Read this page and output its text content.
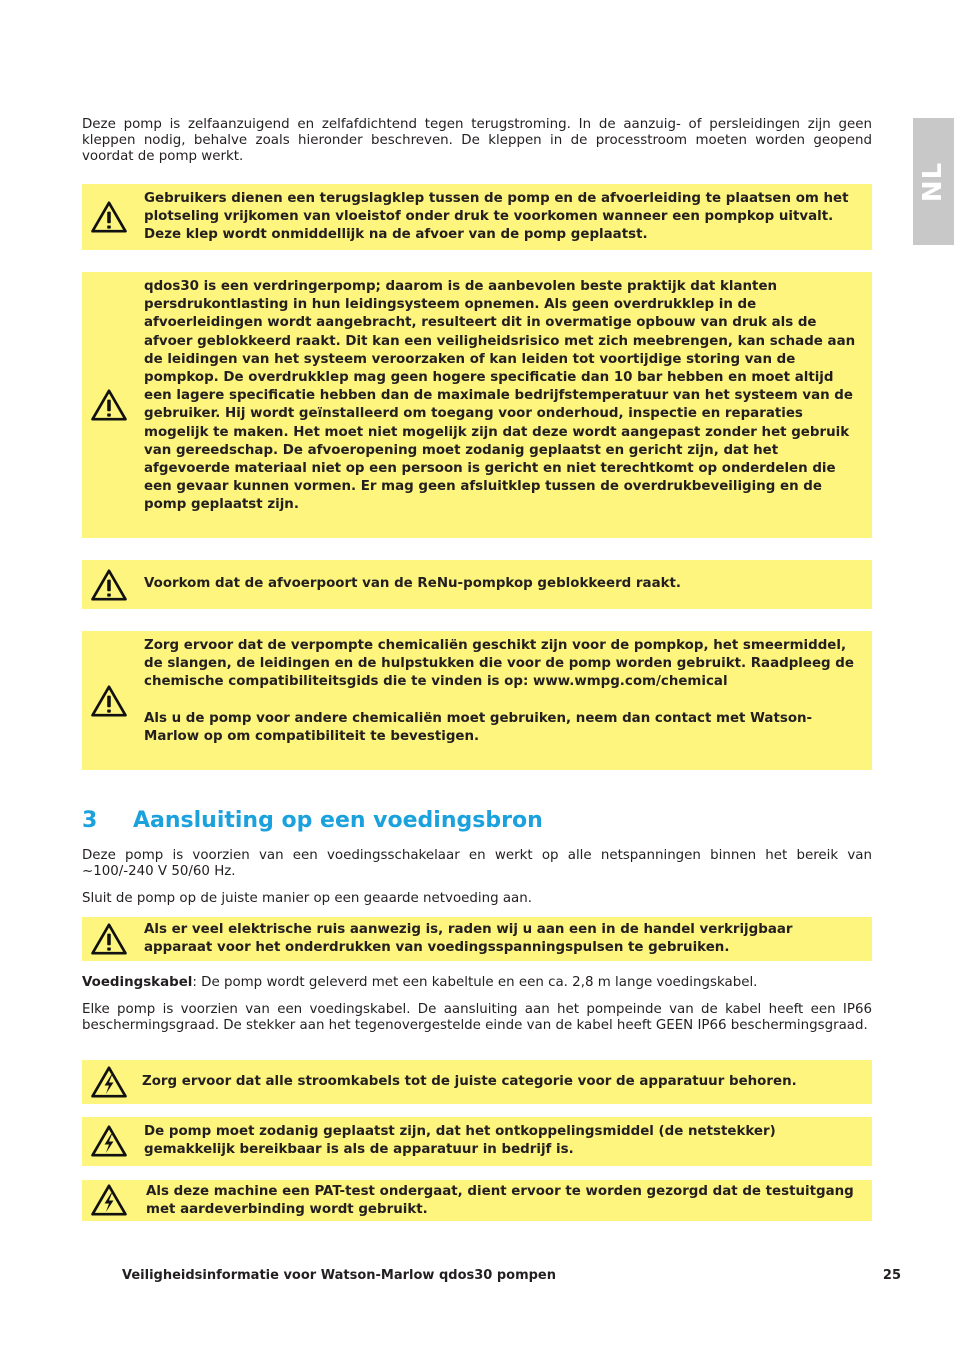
NL

Deze pomp is zelfaanzuigend en zelfafdichtend tegen terugstroming. In de aanzuig- of persleidingen zijn geen kleppen nodig, behalve zoals hieronder beschreven. De kleppen in de processtroom moeten worden geopend voordat de pomp werkt.

Gebruikers dienen een terugslagklep tussen de pomp en de afvoerleiding te plaatsen om het plotseling vrijkomen van vloeistof onder druk te voorkomen wanneer een pompkop uitvalt. Deze klep wordt onmiddellijk na de afvoer van de pomp geplaatst.

qdos30 is een verdringerpomp; daarom is de aanbevolen beste praktijk dat klanten persdrukontlasting in hun leidingsysteem opnemen. Als geen overdrukklep in de afvoerleidingen wordt aangebracht, resulteert dit in overmatige opbouw van druk als de afvoer geblokkeerd raakt. Dit kan een veiligheidsrisico met zich meebrengen, kan schade aan de leidingen van het systeem veroorzaken of kan leiden tot voortijdige storing van de pompkop. De overdrukklep mag geen hogere specificatie dan 10 bar hebben en moet altijd een lagere specificatie hebben dan de maximale bedrijfstemperatuur van het systeem van de gebruiker. Hij wordt geïnstalleerd om toegang voor onderhoud, inspectie en reparaties mogelijk te maken. Het moet niet mogelijk zijn dat deze wordt aangepast zonder het gebruik van gereedschap. De afvoeropening moet zodanig geplaatst en gericht zijn, dat het afgevoerde materiaal niet op een persoon is gericht en niet terechtkomt op onderdelen die een gevaar kunnen vormen. Er mag geen afsluitklep tussen de overdrukbeveiliging en de pomp geplaatst zijn.

Voorkom dat de afvoerpoort van de ReNu-pompkop geblokkeerd raakt.

Zorg ervoor dat de verpompte chemicaliën geschikt zijn voor de pompkop, het smeermiddel, de slangen, de leidingen en de hulpstukken die voor de pomp worden gebruikt. Raadpleeg de chemische compatibiliteitsgids die te vinden is op: www.wmpg.com/chemical

Als u de pomp voor andere chemicaliën moet gebruiken, neem dan contact met Watson-Marlow op om compatibiliteit te bevestigen.

3 Aansluiting op een voedingsbron

Deze pomp is voorzien van een voedingsschakelaar en werkt op alle netspanningen binnen het bereik van ~100/-240 V 50/60 Hz.

Sluit de pomp op de juiste manier op een geaarde netvoeding aan.

Als er veel elektrische ruis aanwezig is, raden wij u aan een in de handel verkrijgbaar apparaat voor het onderdrukken van voedingsspanningspulsen te gebruiken.

Voedingskabel: De pomp wordt geleverd met een kabeltule en een ca. 2,8 m lange voedingskabel.

Elke pomp is voorzien van een voedingskabel. De aansluiting aan het pompeinde van de kabel heeft een IP66 beschermingsgraad. De stekker aan het tegenovergestelde einde van de kabel heeft GEEN IP66 beschermingsgraad.

Zorg ervoor dat alle stroomkabels tot de juiste categorie voor de apparatuur behoren.

De pomp moet zodanig geplaatst zijn, dat het ontkoppelingsmiddel (de netstekker) gemakkelijk bereikbaar is als de apparatuur in bedrijf is.

Als deze machine een PAT-test ondergaat, dient ervoor te worden gezorgd dat de testuitgang met aardeverbinding wordt gebruikt.

Veiligheidsinformatie voor Watson-Marlow qdos30 pompen	25
